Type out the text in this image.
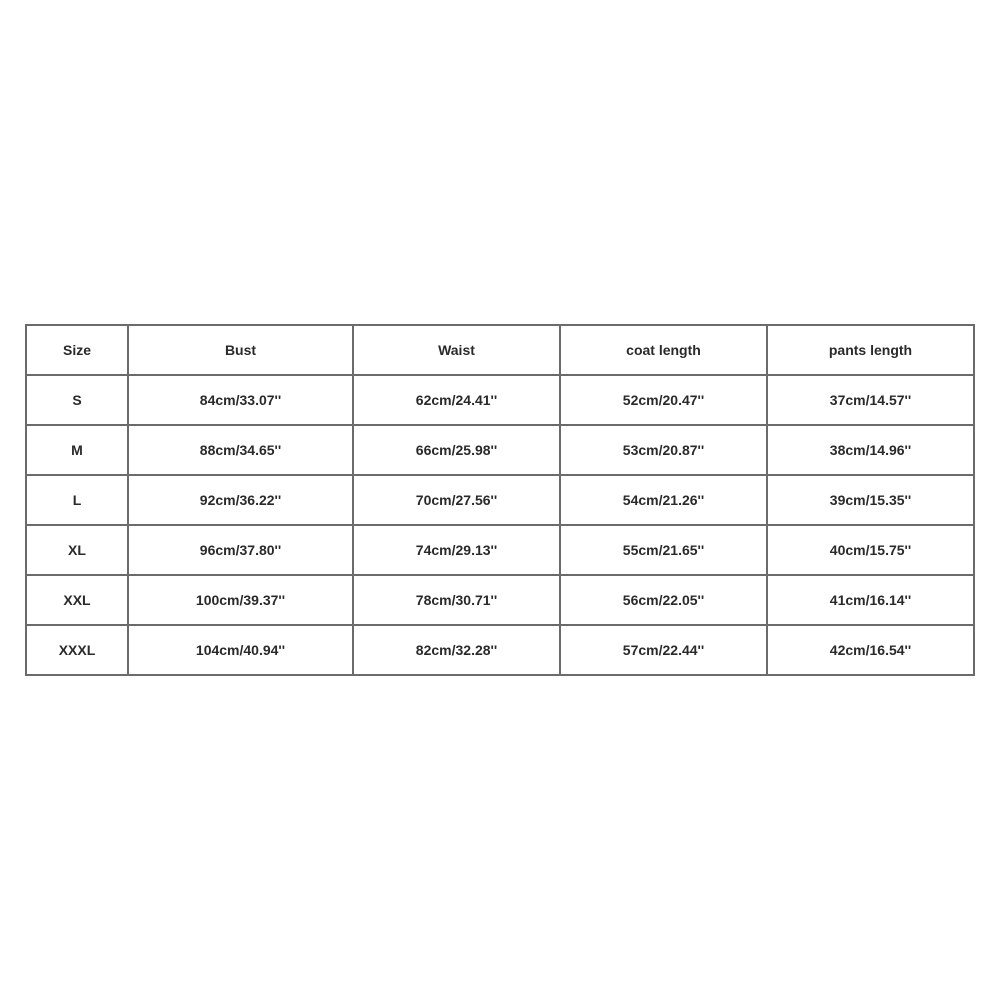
Size	Bust	Waist	coat length	pants length
S	84cm/33.07''	62cm/24.41''	52cm/20.47''	37cm/14.57''
M	88cm/34.65''	66cm/25.98''	53cm/20.87''	38cm/14.96''
L	92cm/36.22''	70cm/27.56''	54cm/21.26''	39cm/15.35''
XL	96cm/37.80''	74cm/29.13''	55cm/21.65''	40cm/15.75''
XXL	100cm/39.37''	78cm/30.71''	56cm/22.05''	41cm/16.14''
XXXL	104cm/40.94''	82cm/32.28''	57cm/22.44''	42cm/16.54''
